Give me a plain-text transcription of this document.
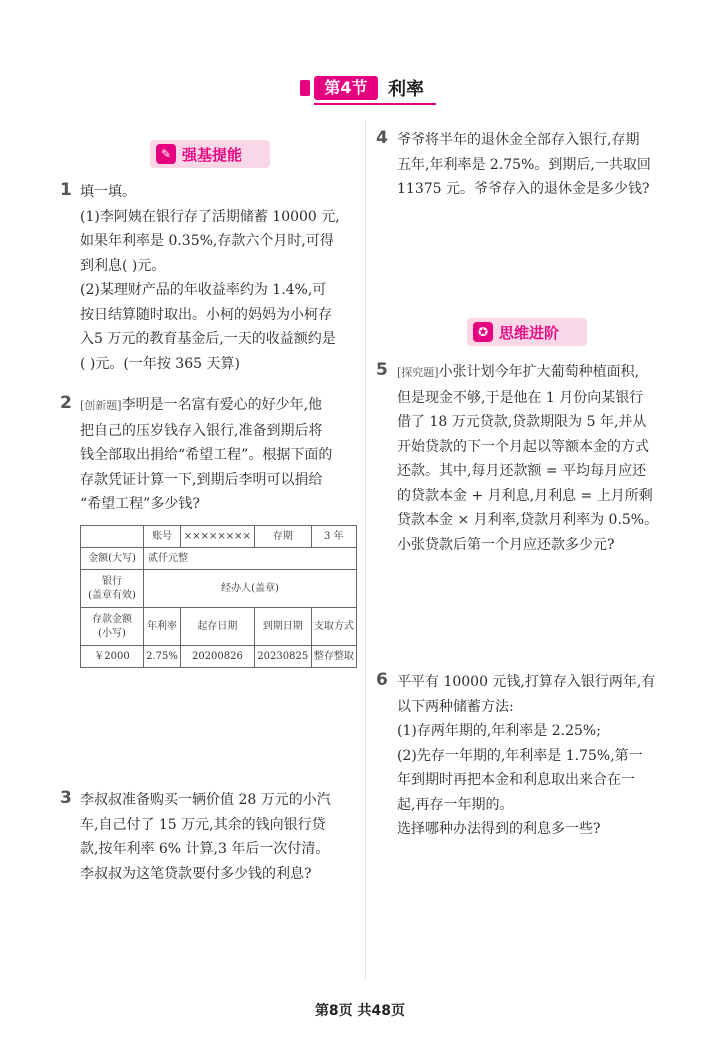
第4节	利率
✎ 强基提能
1 填一填。
(1)李阿姨在银行存了活期储蓄 10000 元,
如果年利率是 0.35%,存款六个月时,可得
到利息( )元。
(2)某理财产品的年收益率约为 1.4%,可
按日结算随时取出。小柯的妈妈为小柯存
入5 万元的教育基金后,一天的收益额约是
( )元。(一年按 365 天算)
2 [创新题]李明是一名富有爱心的好少年,他
把自己的压岁钱存入银行,准备到期后将
钱全部取出捐给“希望工程”。根据下面的
存款凭证计算一下,到期后李明可以捐给
“希望工程”多少钱?
	账号	××××××××	存期	3 年
金额(大写)	贰仟元整			

银行
(盖章有效)	经办人(盖章)			

存款金额
(小写)	年利率	起存日期	到期日期	支取方式
￥2000	2.75%	20200826	20230825	整存整取
3 李叔叔准备购买一辆价值 28 万元的小汽
车,自己付了 15 万元,其余的钱向银行贷
款,按年利率 6% 计算,3 年后一次付清。
李叔叔为这笔贷款要付多少钱的利息?
4 爷爷将半年的退休金全部存入银行,存期
五年,年利率是 2.75%。到期后,一共取回
11375 元。爷爷存入的退休金是多少钱?
✪ 思维进阶
5 [探究题]小张计划今年扩大葡萄种植面积,
但是现金不够,于是他在 1 月份向某银行
借了 18 万元贷款,贷款期限为 5 年,并从
开始贷款的下一个月起以等额本金的方式
还款。其中,每月还款额 = 平均每月应还
的贷款本金 + 月利息,月利息 = 上月所剩
贷款本金 × 月利率,贷款月利率为 0.5%。
小张贷款后第一个月应还款多少元?
6 平平有 10000 元钱,打算存入银行两年,有
以下两种储蓄方法:
(1)存两年期的,年利率是 2.25%;
(2)先存一年期的,年利率是 1.75%,第一
年到期时再把本金和利息取出来合在一
起,再存一年期的。
选择哪种办法得到的利息多一些?
第8页 共48页
